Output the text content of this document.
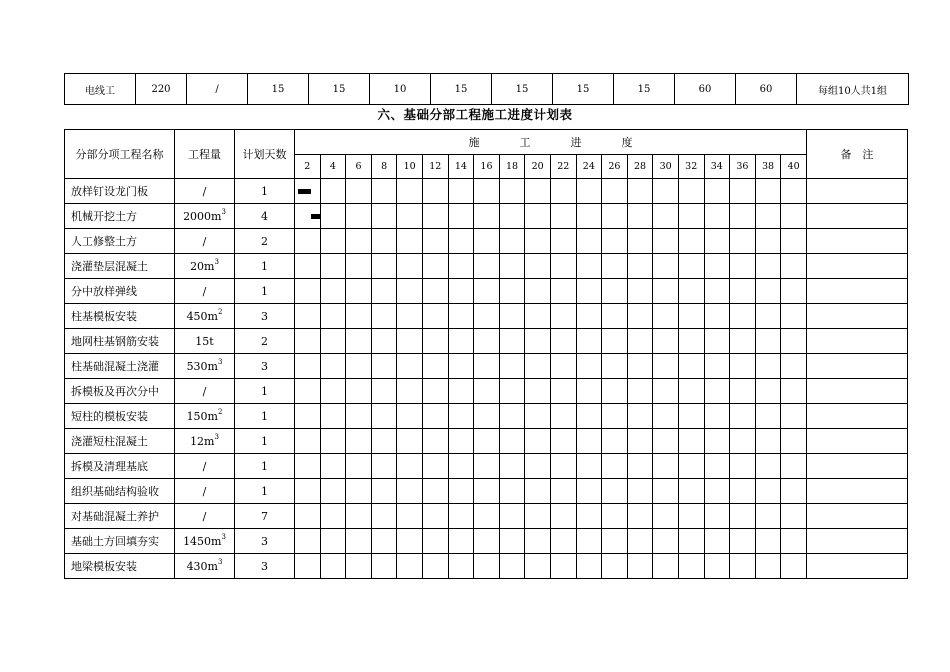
电线工	220	/	15	15	10	15	15	15	15	60	60	每组10人共1组
六、基础分部工程施工进度计划表
分部分项工程名称	工程量	计划天数	施 工 进 度																				备　注
			2	4	6	8	10	12	14	16	18	20	22	24	26	28	30	32	34	36	38	40	
放样钉设龙门板	/	1	

机械开挖土方	$2000m^3$	4	

人工修整土方	/	2	

浇灌垫层混凝土	$20m^3$	1	

分中放样弹线	/	1	

柱基模板安装	$450m^2$	3	

地网柱基钢筋安装	15t	2	

柱基础混凝土浇灌	$530m^3$	3	

拆模板及再次分中	/	1	

短柱的模板安装	$150m^2$	1	

浇灌短柱混凝土	$12m^3$	1	

拆模及清理基底	/	1	

组织基础结构验收	/	1	

对基础混凝土养护	/	7	

基础土方回填夯实	$1450m^3$	3	

地梁模板安装	$430m^3$	3	
